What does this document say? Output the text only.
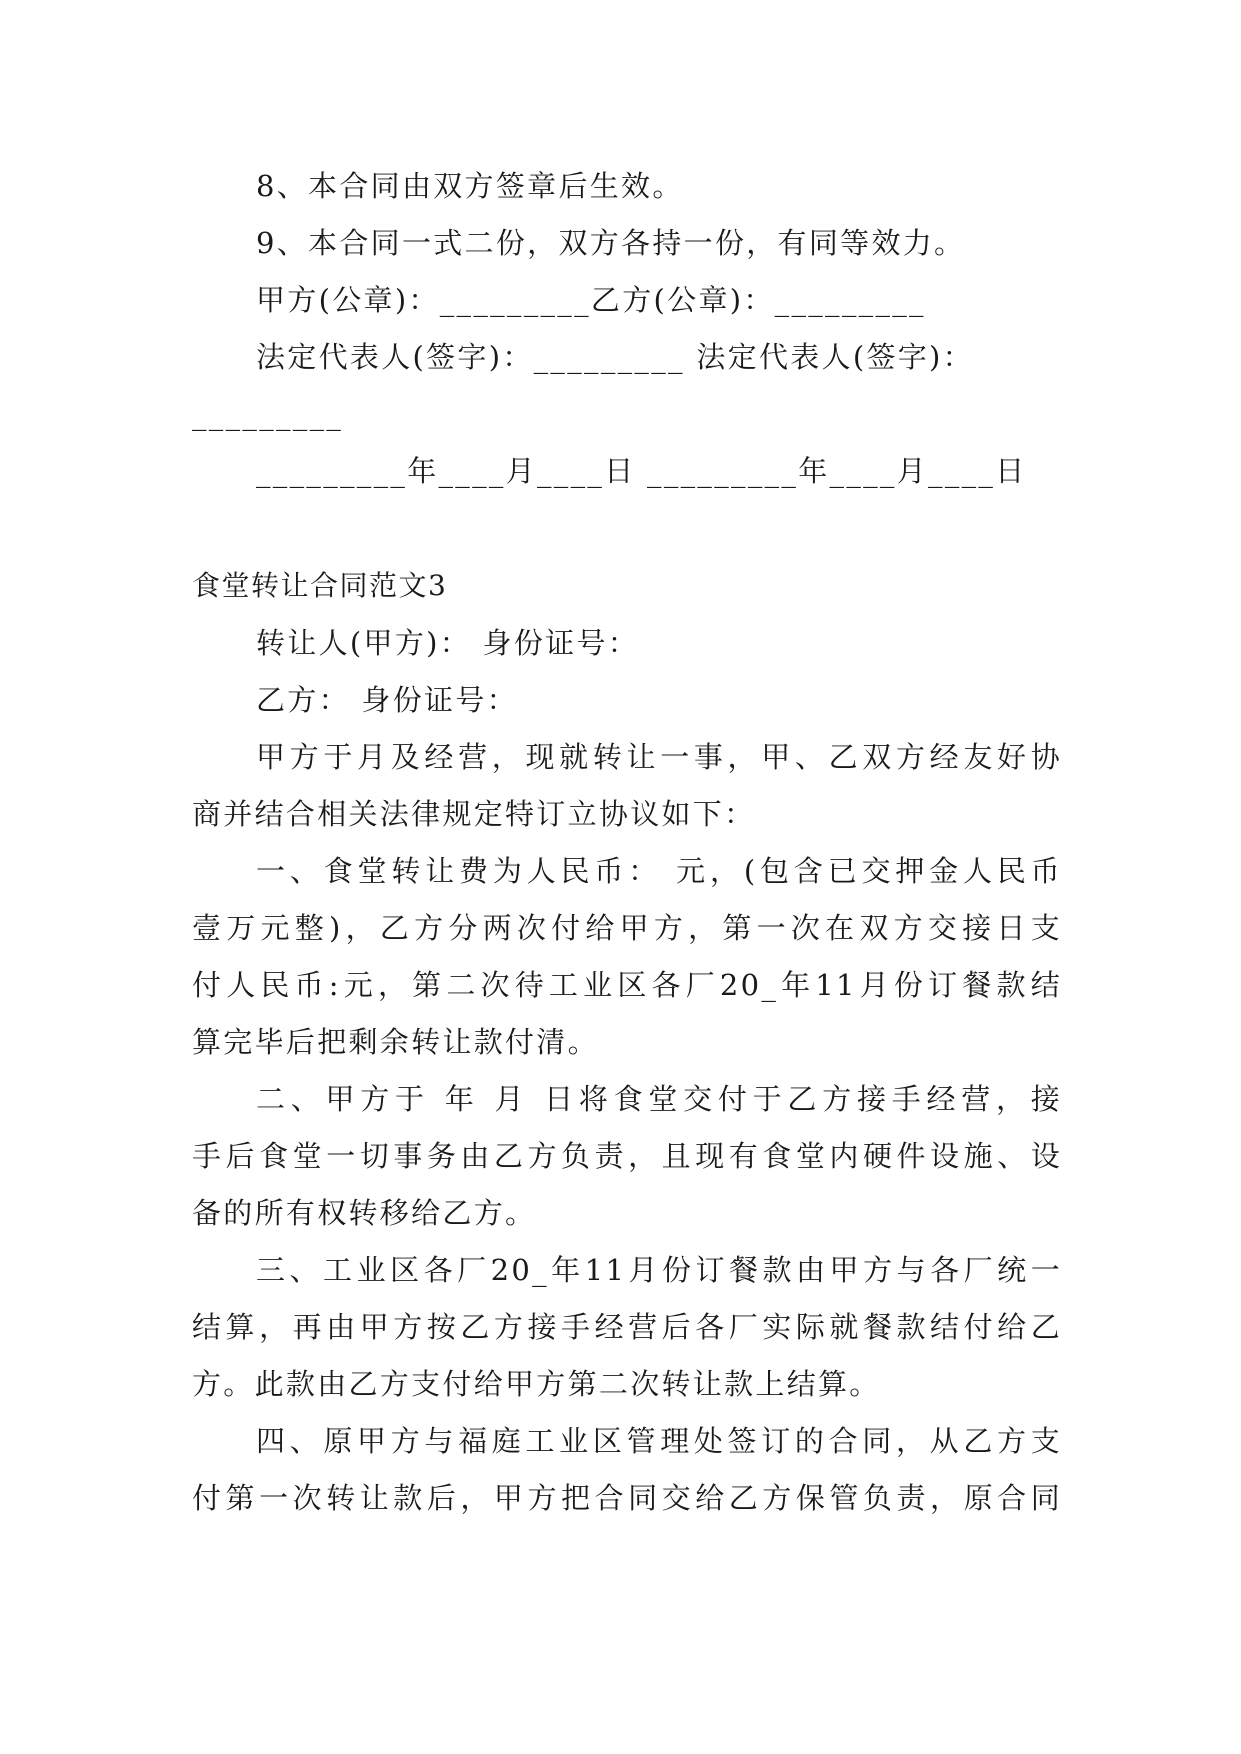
8、本合同由双方签章后生效。
9、本合同一式二份，双方各持一份，有同等效力。
甲方(公章)：_________乙方(公章)：_________
法定代表人(签字)：_________ 法定代表人(签字)：
_________
_________年____月____日 _________年____月____日
食堂转让合同范文3
转让人(甲方)： 身份证号：
乙方： 身份证号：
甲方于月及经营，现就转让一事，甲、乙双方经友好协
商并结合相关法律规定特订立协议如下：
一、食堂转让费为人民币： 元，(包含已交押金人民币
壹万元整)，乙方分两次付给甲方，第一次在双方交接日支
付人民币:元，第二次待工业区各厂20_年11月份订餐款结
算完毕后把剩余转让款付清。
二、甲方于 年 月 日将食堂交付于乙方接手经营，接
手后食堂一切事务由乙方负责，且现有食堂内硬件设施、设
备的所有权转移给乙方。
三、工业区各厂20_年11月份订餐款由甲方与各厂统一
结算，再由甲方按乙方接手经营后各厂实际就餐款结付给乙
方。此款由乙方支付给甲方第二次转让款上结算。
四、原甲方与福庭工业区管理处签订的合同，从乙方支
付第一次转让款后，甲方把合同交给乙方保管负责，原合同
